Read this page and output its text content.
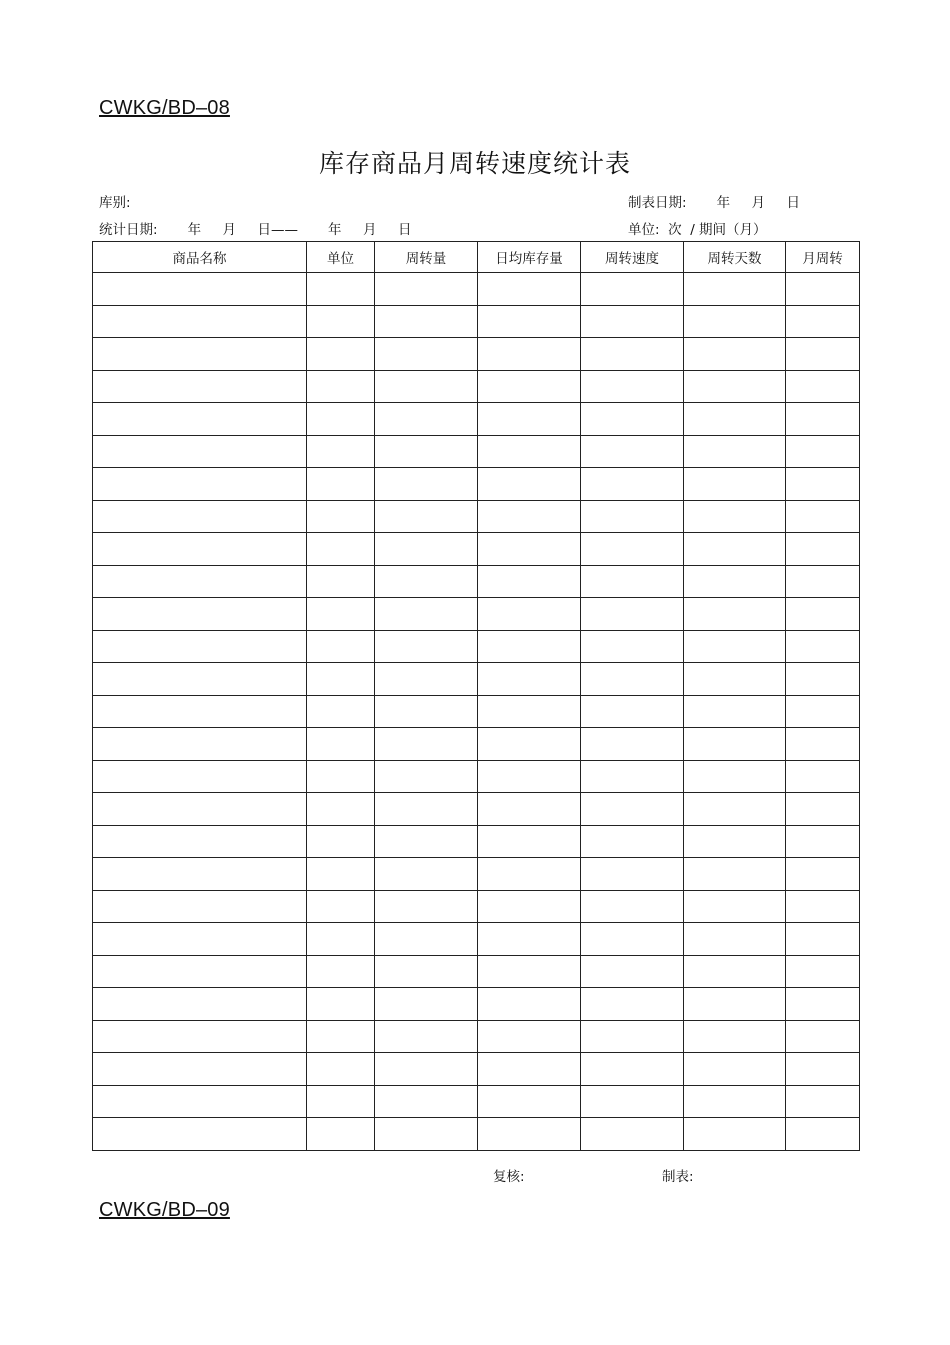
CWKG/BD–08
库存商品月周转速度统计表
库别:	制表日期:       年     月     日
统计日期:       年     月     日——       年     月     日	单位:  次  / 期间（月）
商品名称	单位	周转量	日均库存量	周转速度	周转天数	月周转

复核:	制表:
CWKG/BD–09
